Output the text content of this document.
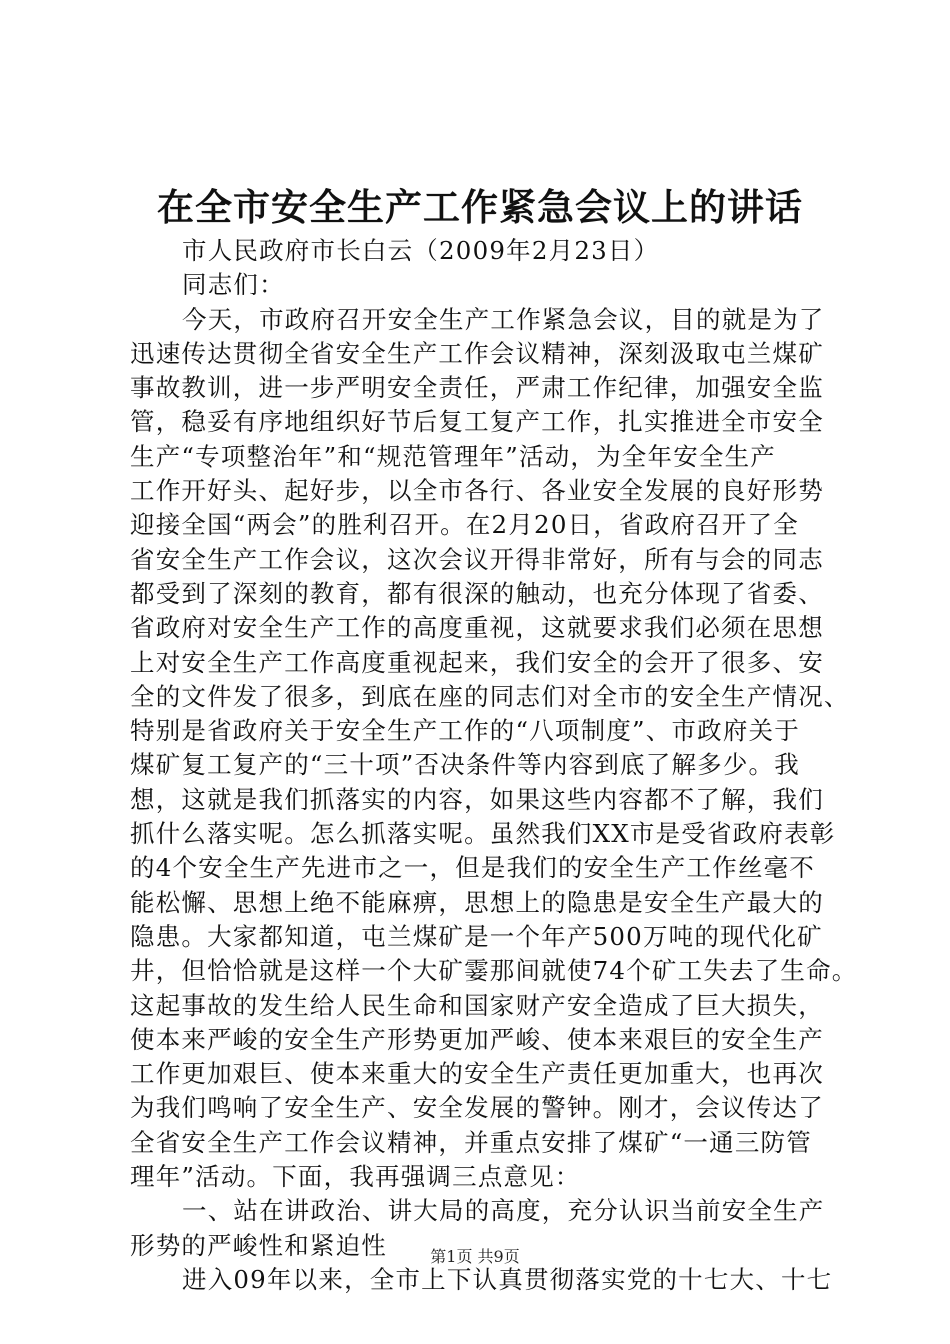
在全市安全生产工作紧急会议上的讲话
市人民政府市长白云（2009年2月23日）
同志们：
今天，市政府召开安全生产工作紧急会议，目的就是为了
迅速传达贯彻全省安全生产工作会议精神，深刻汲取屯兰煤矿
事故教训，进一步严明安全责任，严肃工作纪律，加强安全监
管，稳妥有序地组织好节后复工复产工作，扎实推进全市安全
生产“专项整治年”和“规范管理年”活动，为全年安全生产
工作开好头、起好步，以全市各行、各业安全发展的良好形势
迎接全国“两会”的胜利召开。在2月20日，省政府召开了全
省安全生产工作会议，这次会议开得非常好，所有与会的同志
都受到了深刻的教育，都有很深的触动，也充分体现了省委、
省政府对安全生产工作的高度重视，这就要求我们必须在思想
上对安全生产工作高度重视起来，我们安全的会开了很多、安
全的文件发了很多，到底在座的同志们对全市的安全生产情况、
特别是省政府关于安全生产工作的“八项制度”、市政府关于
煤矿复工复产的“三十项”否决条件等内容到底了解多少。我
想，这就是我们抓落实的内容，如果这些内容都不了解，我们
抓什么落实呢。怎么抓落实呢。虽然我们XX市是受省政府表彰
的4个安全生产先进市之一，但是我们的安全生产工作丝毫不
能松懈、思想上绝不能麻痹，思想上的隐患是安全生产最大的
隐患。大家都知道，屯兰煤矿是一个年产500万吨的现代化矿
井，但恰恰就是这样一个大矿霎那间就使74个矿工失去了生命。
这起事故的发生给人民生命和国家财产安全造成了巨大损失，
使本来严峻的安全生产形势更加严峻、使本来艰巨的安全生产
工作更加艰巨、使本来重大的安全生产责任更加重大，也再次
为我们鸣响了安全生产、安全发展的警钟。刚才，会议传达了
全省安全生产工作会议精神，并重点安排了煤矿“一通三防管
理年”活动。下面，我再强调三点意见：
一、站在讲政治、讲大局的高度，充分认识当前安全生产
形势的严峻性和紧迫性
进入09年以来，全市上下认真贯彻落实党的十七大、十七
第1页 共9页
